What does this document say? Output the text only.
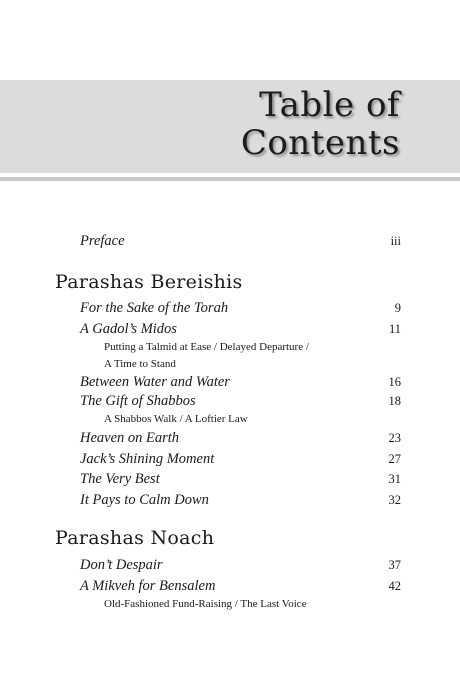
Table of
Contents
Preface	iii
Parashas Bereishis
For the Sake of the Torah	9
A Gadol’s Midos	11
Putting a Talmid at Ease / Delayed Departure /
A Time to Stand
Between Water and Water	16
The Gift of Shabbos	18
A Shabbos Walk / A Loftier Law
Heaven on Earth	23
Jack’s Shining Moment	27
The Very Best	31
It Pays to Calm Down	32
Parashas Noach
Don’t Despair	37
A Mikveh for Bensalem	42
Old-Fashioned Fund-Raising / The Last Voice
